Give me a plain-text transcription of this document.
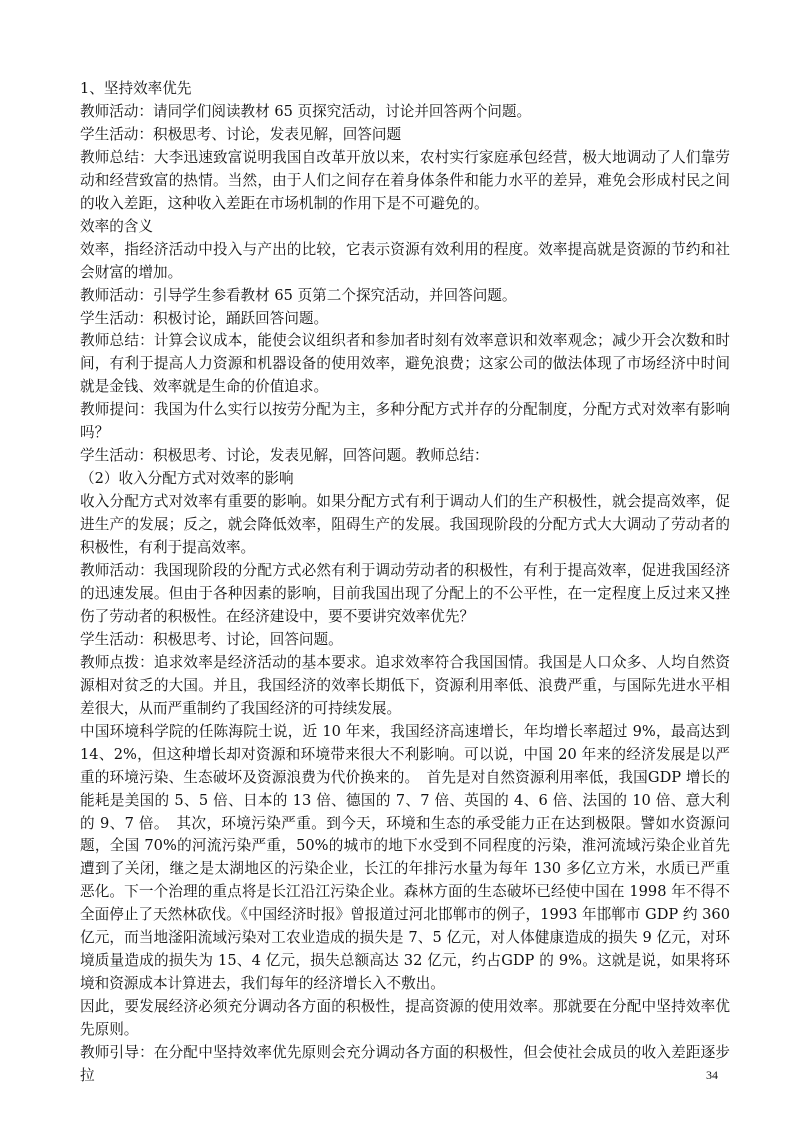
1、坚持效率优先

教师活动：请同学们阅读教材 65 页探究活动，讨论并回答两个问题。

学生活动：积极思考、讨论，发表见解，回答问题

教师总结：大李迅速致富说明我国自改革开放以来，农村实行家庭承包经营，极大地调动了人们靠劳动和经营致富的热情。当然，由于人们之间存在着身体条件和能力水平的差异，难免会形成村民之间的收入差距，这种收入差距在市场机制的作用下是不可避免的。

效率的含义

效率，指经济活动中投入与产出的比较，它表示资源有效利用的程度。效率提高就是资源的节约和社会财富的增加。

教师活动：引导学生参看教材 65 页第二个探究活动，并回答问题。

学生活动：积极讨论，踊跃回答问题。

教师总结：计算会议成本，能使会议组织者和参加者时刻有效率意识和效率观念；减少开会次数和时间，有利于提高人力资源和机器设备的使用效率，避免浪费；这家公司的做法体现了市场经济中时间就是金钱、效率就是生命的价值追求。

教师提问：我国为什么实行以按劳分配为主，多种分配方式并存的分配制度，分配方式对效率有影响吗？

学生活动：积极思考、讨论，发表见解，回答问题。教师总结：

（2）收入分配方式对效率的影响

收入分配方式对效率有重要的影响。如果分配方式有利于调动人们的生产积极性，就会提高效率，促进生产的发展；反之，就会降低效率，阻碍生产的发展。我国现阶段的分配方式大大调动了劳动者的积极性，有利于提高效率。

教师活动：我国现阶段的分配方式必然有利于调动劳动者的积极性，有利于提高效率，促进我国经济的迅速发展。但由于各种因素的影响，目前我国出现了分配上的不公平性，在一定程度上反过来又挫伤了劳动者的积极性。在经济建设中，要不要讲究效率优先？

学生活动：积极思考、讨论，回答问题。

教师点拨：追求效率是经济活动的基本要求。追求效率符合我国国情。我国是人口众多、人均自然资源相对贫乏的大国。并且，我国经济的效率长期低下，资源利用率低、浪费严重，与国际先进水平相差很大，从而严重制约了我国经济的可持续发展。

中国环境科学院的任陈海院士说，近 10 年来，我国经济高速增长，年均增长率超过 9%，最高达到 14、2%，但这种增长却对资源和环境带来很大不利影响。可以说，中国 20 年来的经济发展是以严重的环境污染、生态破坏及资源浪费为代价换来的。　首先是对自然资源利用率低，我国GDP 增长的能耗是美国的 5、5 倍、日本的 13 倍、德国的 7、7 倍、英国的 4、6 倍、法国的 10 倍、意大利的 9、7 倍。　其次，环境污染严重。到今天，环境和生态的承受能力正在达到极限。譬如水资源问题，全国 70%的河流污染严重，50%的城市的地下水受到不同程度的污染，淮河流域污染企业首先遭到了关闭，继之是太湖地区的污染企业，长江的年排污水量为每年 130 多亿立方米，水质已严重恶化。下一个治理的重点将是长江沿江污染企业。森林方面的生态破坏已经使中国在 1998 年不得不全面停止了天然林砍伐。《中国经济时报》曾报道过河北邯郸市的例子，1993 年邯郸市 GDP 约 360 亿元，而当地滏阳流域污染对工农业造成的损失是 7、5 亿元，对人体健康造成的损失 9 亿元，对环境质量造成的损失为 15、4 亿元，损失总额高达 32 亿元，约占GDP 的 9%。这就是说，如果将环境和资源成本计算进去，我们每年的经济增长入不敷出。

因此，要发展经济必须充分调动各方面的积极性，提高资源的使用效率。那就要在分配中坚持效率优先原则。

教师引导：在分配中坚持效率优先原则会充分调动各方面的积极性，但会使社会成员的收入差距逐步拉	34
